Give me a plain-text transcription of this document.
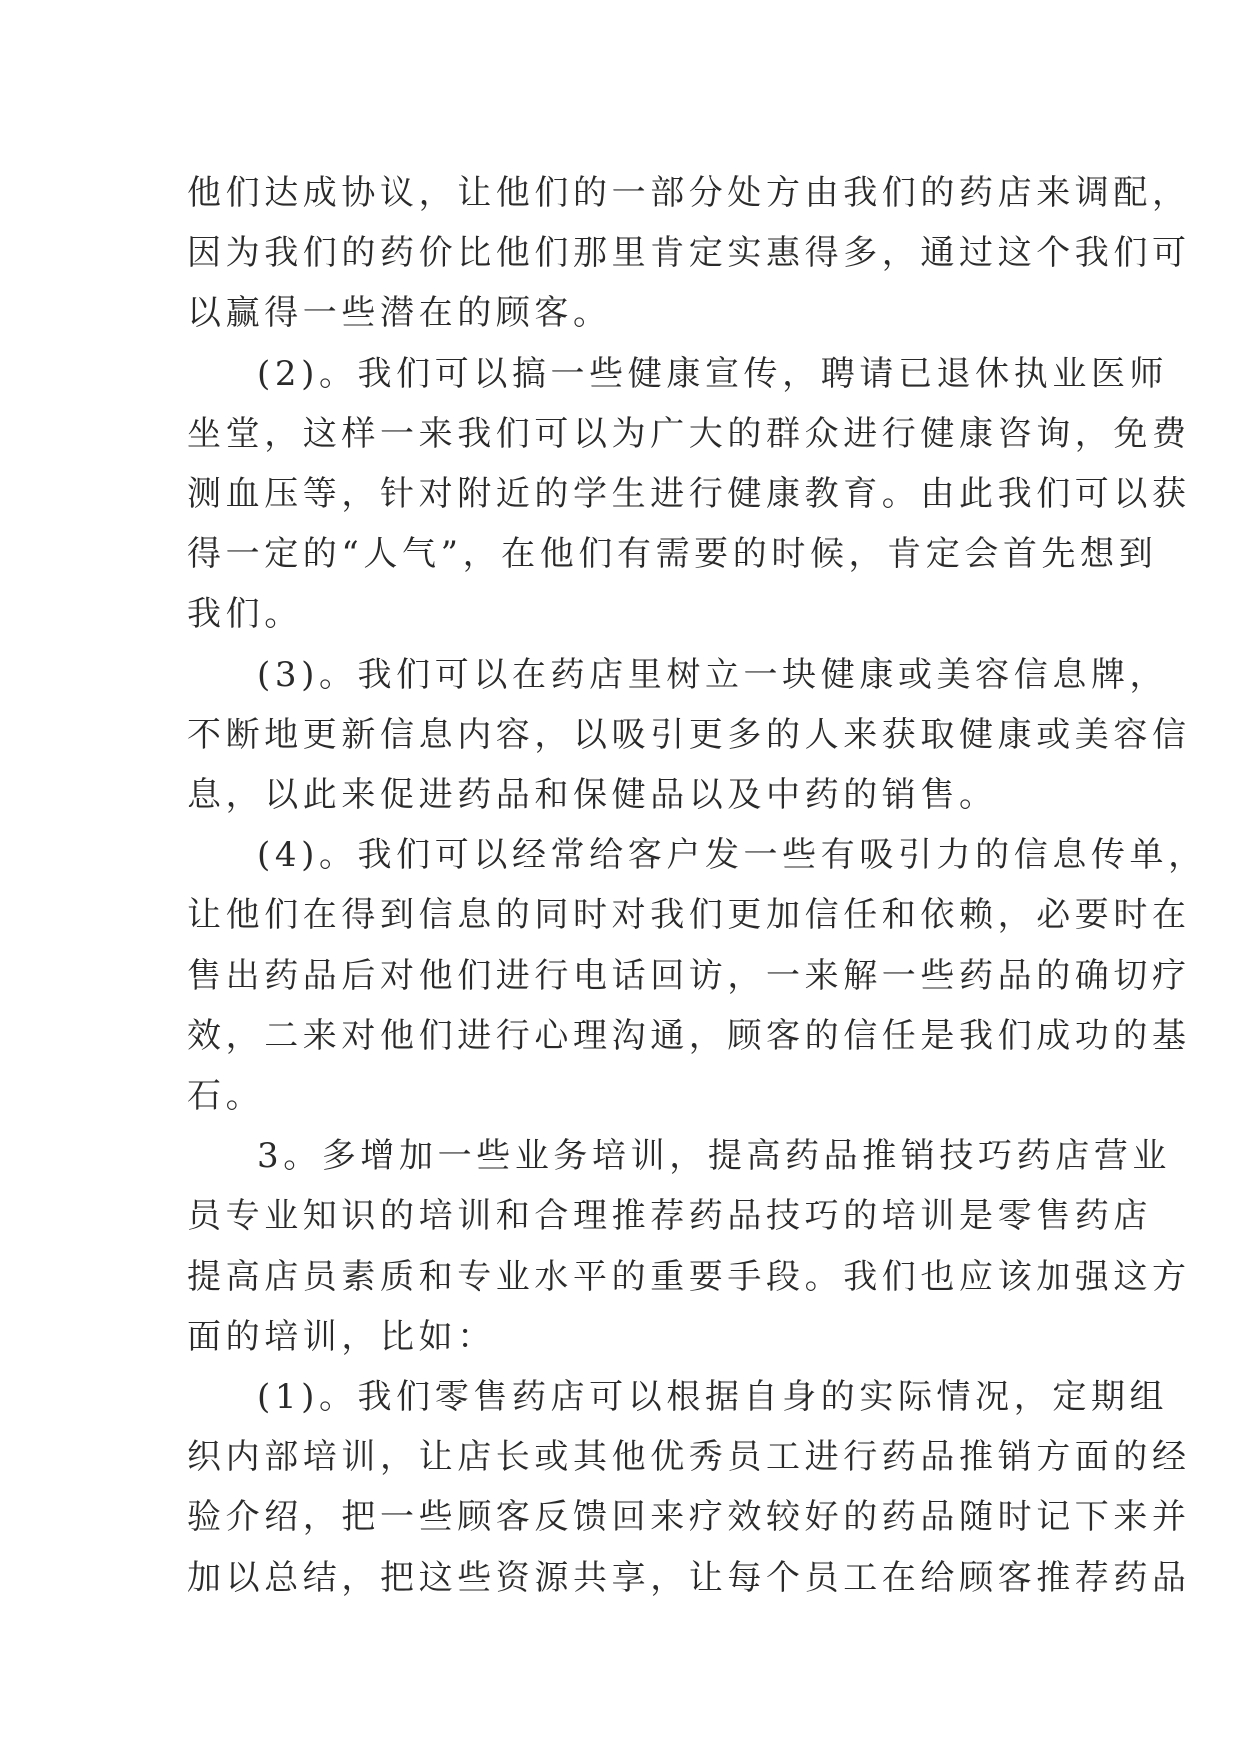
他们达成协议，让他们的一部分处方由我们的药店来调配，
因为我们的药价比他们那里肯定实惠得多，通过这个我们可
以赢得一些潜在的顾客。
(2)。我们可以搞一些健康宣传，聘请已退休执业医师
坐堂，这样一来我们可以为广大的群众进行健康咨询，免费
测血压等，针对附近的学生进行健康教育。由此我们可以获
得一定的“人气”，在他们有需要的时候，肯定会首先想到
我们。
(3)。我们可以在药店里树立一块健康或美容信息牌，
不断地更新信息内容，以吸引更多的人来获取健康或美容信
息，以此来促进药品和保健品以及中药的销售。
(4)。我们可以经常给客户发一些有吸引力的信息传单，
让他们在得到信息的同时对我们更加信任和依赖，必要时在
售出药品后对他们进行电话回访，一来解一些药品的确切疗
效，二来对他们进行心理沟通，顾客的信任是我们成功的基
石。
3。多增加一些业务培训，提高药品推销技巧药店营业
员专业知识的培训和合理推荐药品技巧的培训是零售药店
提高店员素质和专业水平的重要手段。我们也应该加强这方
面的培训，比如：
(1)。我们零售药店可以根据自身的实际情况，定期组
织内部培训，让店长或其他优秀员工进行药品推销方面的经
验介绍，把一些顾客反馈回来疗效较好的药品随时记下来并
加以总结，把这些资源共享，让每个员工在给顾客推荐药品
